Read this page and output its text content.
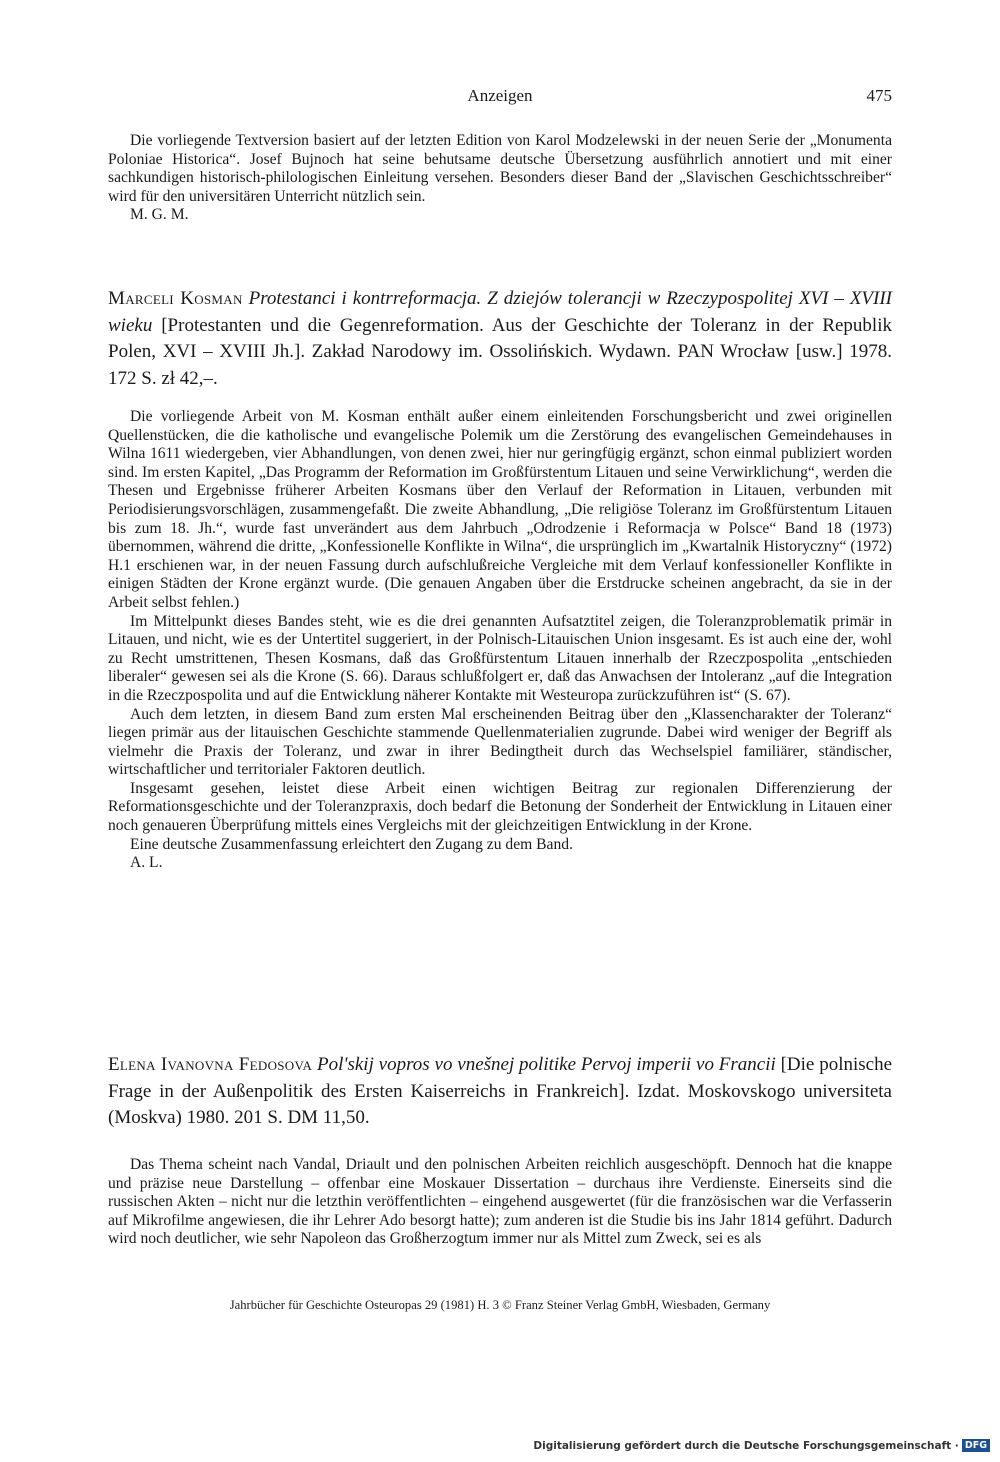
Anzeigen	475

Die vorliegende Textversion basiert auf der letzten Edition von Karol Modzelewski in der neuen Serie der „Monumenta Poloniae Historica“. Josef Bujnoch hat seine behutsame deutsche Übersetzung ausführlich annotiert und mit einer sachkundigen historisch-philologischen Einleitung versehen. Besonders dieser Band der „Slavischen Geschichtsschreiber“ wird für den universitären Unterricht nützlich sein.

M. G. M.

Marceli Kosman Protestanci i kontrreformacja. Z dziejów tolerancji w Rzeczypospolitej XVI – XVIII wieku [Protestanten und die Gegenreformation. Aus der Geschichte der Toleranz in der Republik Polen, XVI – XVIII Jh.]. Zakład Narodowy im. Ossolińskich. Wydawn. PAN Wrocław [usw.] 1978. 172 S. zł 42,–.

Die vorliegende Arbeit von M. Kosman enthält außer einem einleitenden Forschungsbericht und zwei originellen Quellenstücken, die die katholische und evangelische Polemik um die Zerstörung des evangelischen Gemeindehauses in Wilna 1611 wiedergeben, vier Abhandlungen, von denen zwei, hier nur geringfügig ergänzt, schon einmal publiziert worden sind. Im ersten Kapitel, „Das Programm der Reformation im Großfürstentum Litauen und seine Verwirklichung“, werden die Thesen und Ergebnisse früherer Arbeiten Kosmans über den Verlauf der Reformation in Litauen, verbunden mit Periodisierungsvorschlägen, zusammengefaßt. Die zweite Abhandlung, „Die religiöse Toleranz im Großfürstentum Litauen bis zum 18. Jh.“, wurde fast unverändert aus dem Jahrbuch „Odrodzenie i Reformacja w Polsce“ Band 18 (1973) übernommen, während die dritte, „Konfessionelle Konflikte in Wilna“, die ursprünglich im „Kwartalnik Historyczny“ (1972) H.1 erschienen war, in der neuen Fassung durch aufschlußreiche Vergleiche mit dem Verlauf konfessioneller Konflikte in einigen Städten der Krone ergänzt wurde. (Die genauen Angaben über die Erstdrucke scheinen angebracht, da sie in der Arbeit selbst fehlen.)

Im Mittelpunkt dieses Bandes steht, wie es die drei genannten Aufsatztitel zeigen, die Toleranzproblematik primär in Litauen, und nicht, wie es der Untertitel suggeriert, in der Polnisch-Litauischen Union insgesamt. Es ist auch eine der, wohl zu Recht umstrittenen, Thesen Kosmans, daß das Großfürstentum Litauen innerhalb der Rzeczpospolita „entschieden liberaler“ gewesen sei als die Krone (S. 66). Daraus schlußfolgert er, daß das Anwachsen der Intoleranz „auf die Integration in die Rzeczpospolita und auf die Entwicklung näherer Kontakte mit Westeuropa zurückzuführen ist“ (S. 67).

Auch dem letzten, in diesem Band zum ersten Mal erscheinenden Beitrag über den „Klassencharakter der Toleranz“ liegen primär aus der litauischen Geschichte stammende Quellenmaterialien zugrunde. Dabei wird weniger der Begriff als vielmehr die Praxis der Toleranz, und zwar in ihrer Bedingtheit durch das Wechselspiel familiärer, ständischer, wirtschaftlicher und territorialer Faktoren deutlich.

Insgesamt gesehen, leistet diese Arbeit einen wichtigen Beitrag zur regionalen Differenzierung der Reformationsgeschichte und der Toleranzpraxis, doch bedarf die Betonung der Sonderheit der Entwicklung in Litauen einer noch genaueren Überprüfung mittels eines Vergleichs mit der gleichzeitigen Entwicklung in der Krone.

Eine deutsche Zusammenfassung erleichtert den Zugang zu dem Band.

A. L.

Elena Ivanovna Fedosova Pol'skij vopros vo vnešnej politike Pervoj imperii vo Francii [Die polnische Frage in der Außenpolitik des Ersten Kaiserreichs in Frankreich]. Izdat. Moskovskogo universiteta (Moskva) 1980. 201 S. DM 11,50.

Das Thema scheint nach Vandal, Driault und den polnischen Arbeiten reichlich ausgeschöpft. Dennoch hat die knappe und präzise neue Darstellung – offenbar eine Moskauer Dissertation – durchaus ihre Verdienste. Einerseits sind die russischen Akten – nicht nur die letzthin veröffentlichten – eingehend ausgewertet (für die französischen war die Verfasserin auf Mikrofilme angewiesen, die ihr Lehrer Ado besorgt hatte); zum anderen ist die Studie bis ins Jahr 1814 geführt. Dadurch wird noch deutlicher, wie sehr Napoleon das Großherzogtum immer nur als Mittel zum Zweck, sei es als

Jahrbücher für Geschichte Osteuropas 29 (1981) H. 3 © Franz Steiner Verlag GmbH, Wiesbaden, Germany
Digitalisierung gefördert durch die Deutsche Forschungsgemeinschaft · DFG
